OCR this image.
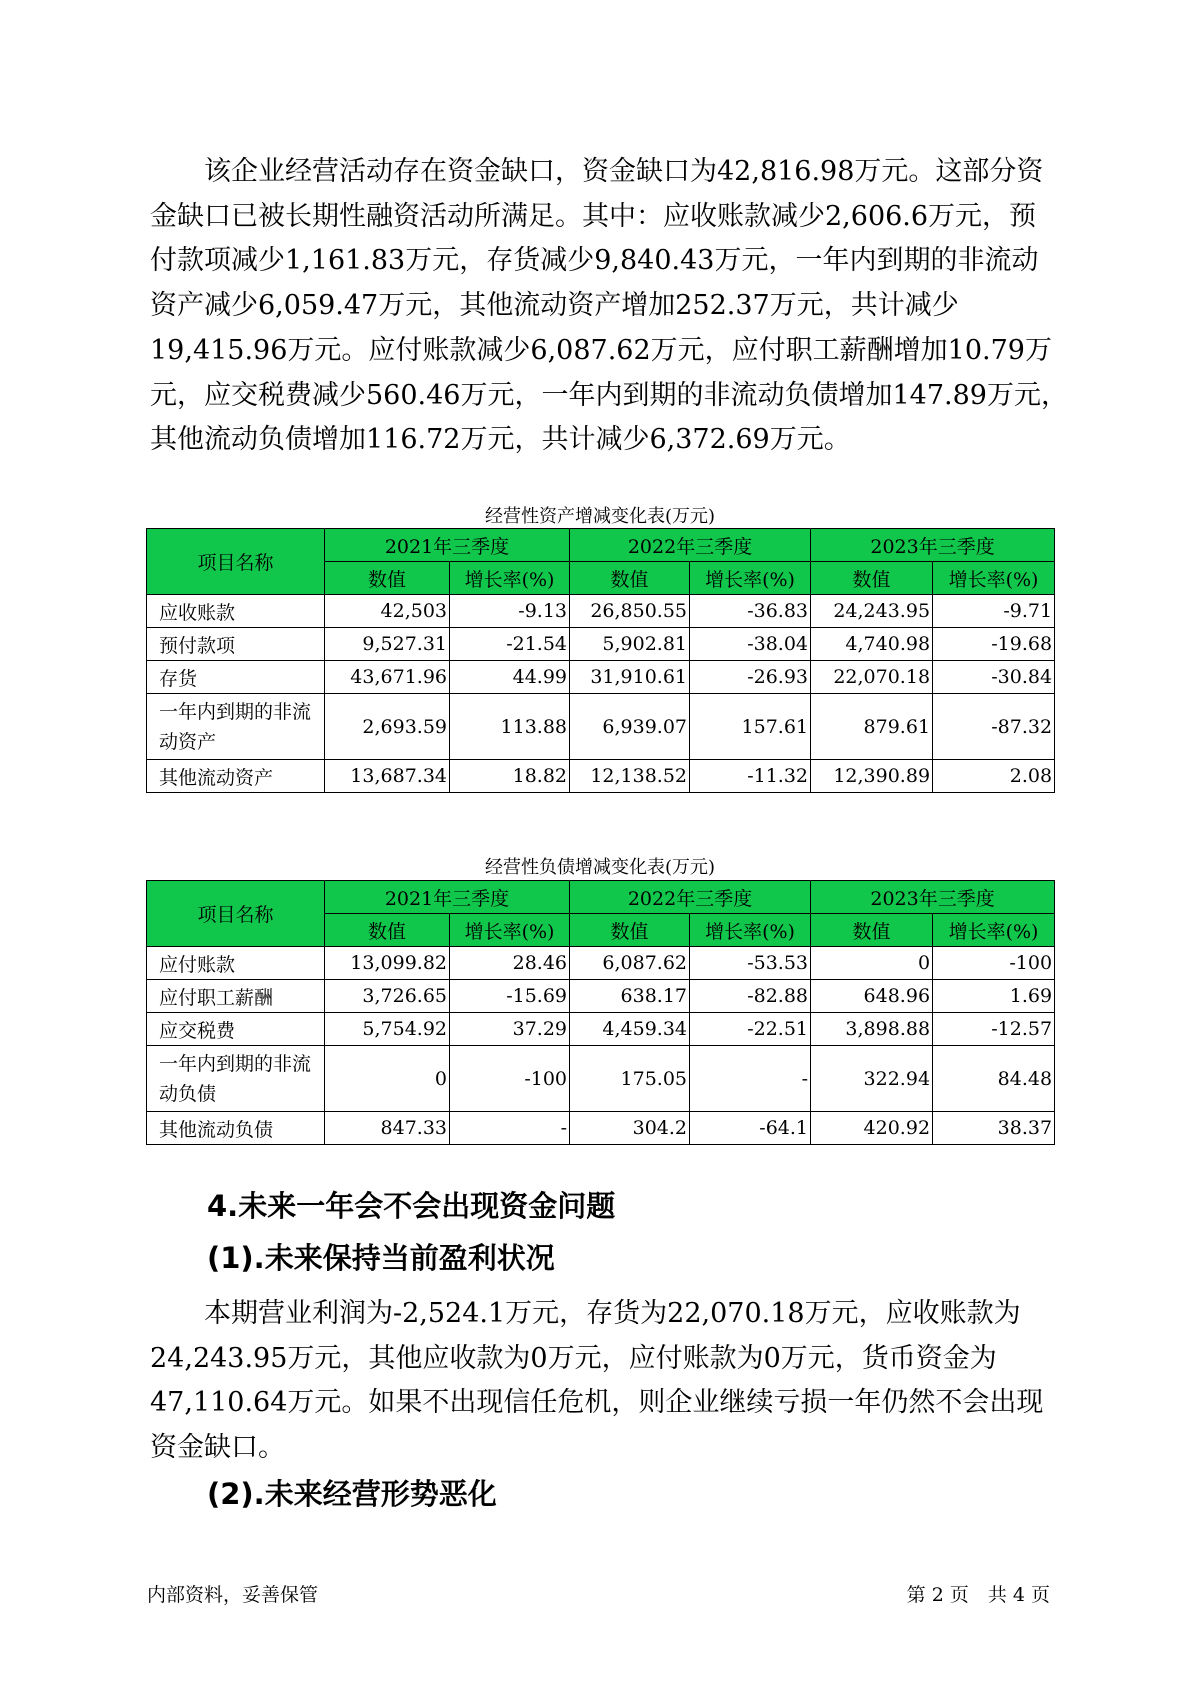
　　该企业经营活动存在资金缺口，资金缺口为42,816.98万元。这部分资
金缺口已被长期性融资活动所满足。其中：应收账款减少2,606.6万元，预
付款项减少1,161.83万元，存货减少9,840.43万元，一年内到期的非流动
资产减少6,059.47万元，其他流动资产增加252.37万元，共计减少
19,415.96万元。应付账款减少6,087.62万元，应付职工薪酬增加10.79万
元，应交税费减少560.46万元，一年内到期的非流动负债增加147.89万元，
其他流动负债增加116.72万元，共计减少6,372.69万元。
经营性资产增减变化表(万元)
项目名称	2021年三季度		2022年三季度		2023年三季度	
	数值	增长率(%)	数值	增长率(%)	数值	增长率(%)
应收账款	42,503	-9.13	26,850.55	-36.83	24,243.95	-9.71
预付款项	9,527.31	-21.54	5,902.81	-38.04	4,740.98	-19.68
存货	43,671.96	44.99	31,910.61	-26.93	22,070.18	-30.84
一年内到期的非流动资产	2,693.59	113.88	6,939.07	157.61	879.61	-87.32
其他流动资产	13,687.34	18.82	12,138.52	-11.32	12,390.89	2.08
经营性负债增减变化表(万元)
项目名称	2021年三季度		2022年三季度		2023年三季度	
	数值	增长率(%)	数值	增长率(%)	数值	增长率(%)
应付账款	13,099.82	28.46	6,087.62	-53.53	0	-100
应付职工薪酬	3,726.65	-15.69	638.17	-82.88	648.96	1.69
应交税费	5,754.92	37.29	4,459.34	-22.51	3,898.88	-12.57
一年内到期的非流动负债	0	-100	175.05	-	322.94	84.48
其他流动负债	847.33	-	304.2	-64.1	420.92	38.37
4.未来一年会不会出现资金问题
(1).未来保持当前盈利状况
　　本期营业利润为-2,524.1万元，存货为22,070.18万元，应收账款为
24,243.95万元，其他应收款为0万元，应付账款为0万元，货币资金为
47,110.64万元。如果不出现信任危机，则企业继续亏损一年仍然不会出现
资金缺口。
(2).未来经营形势恶化
内部资料，妥善保管	第 2 页　共 4 页
